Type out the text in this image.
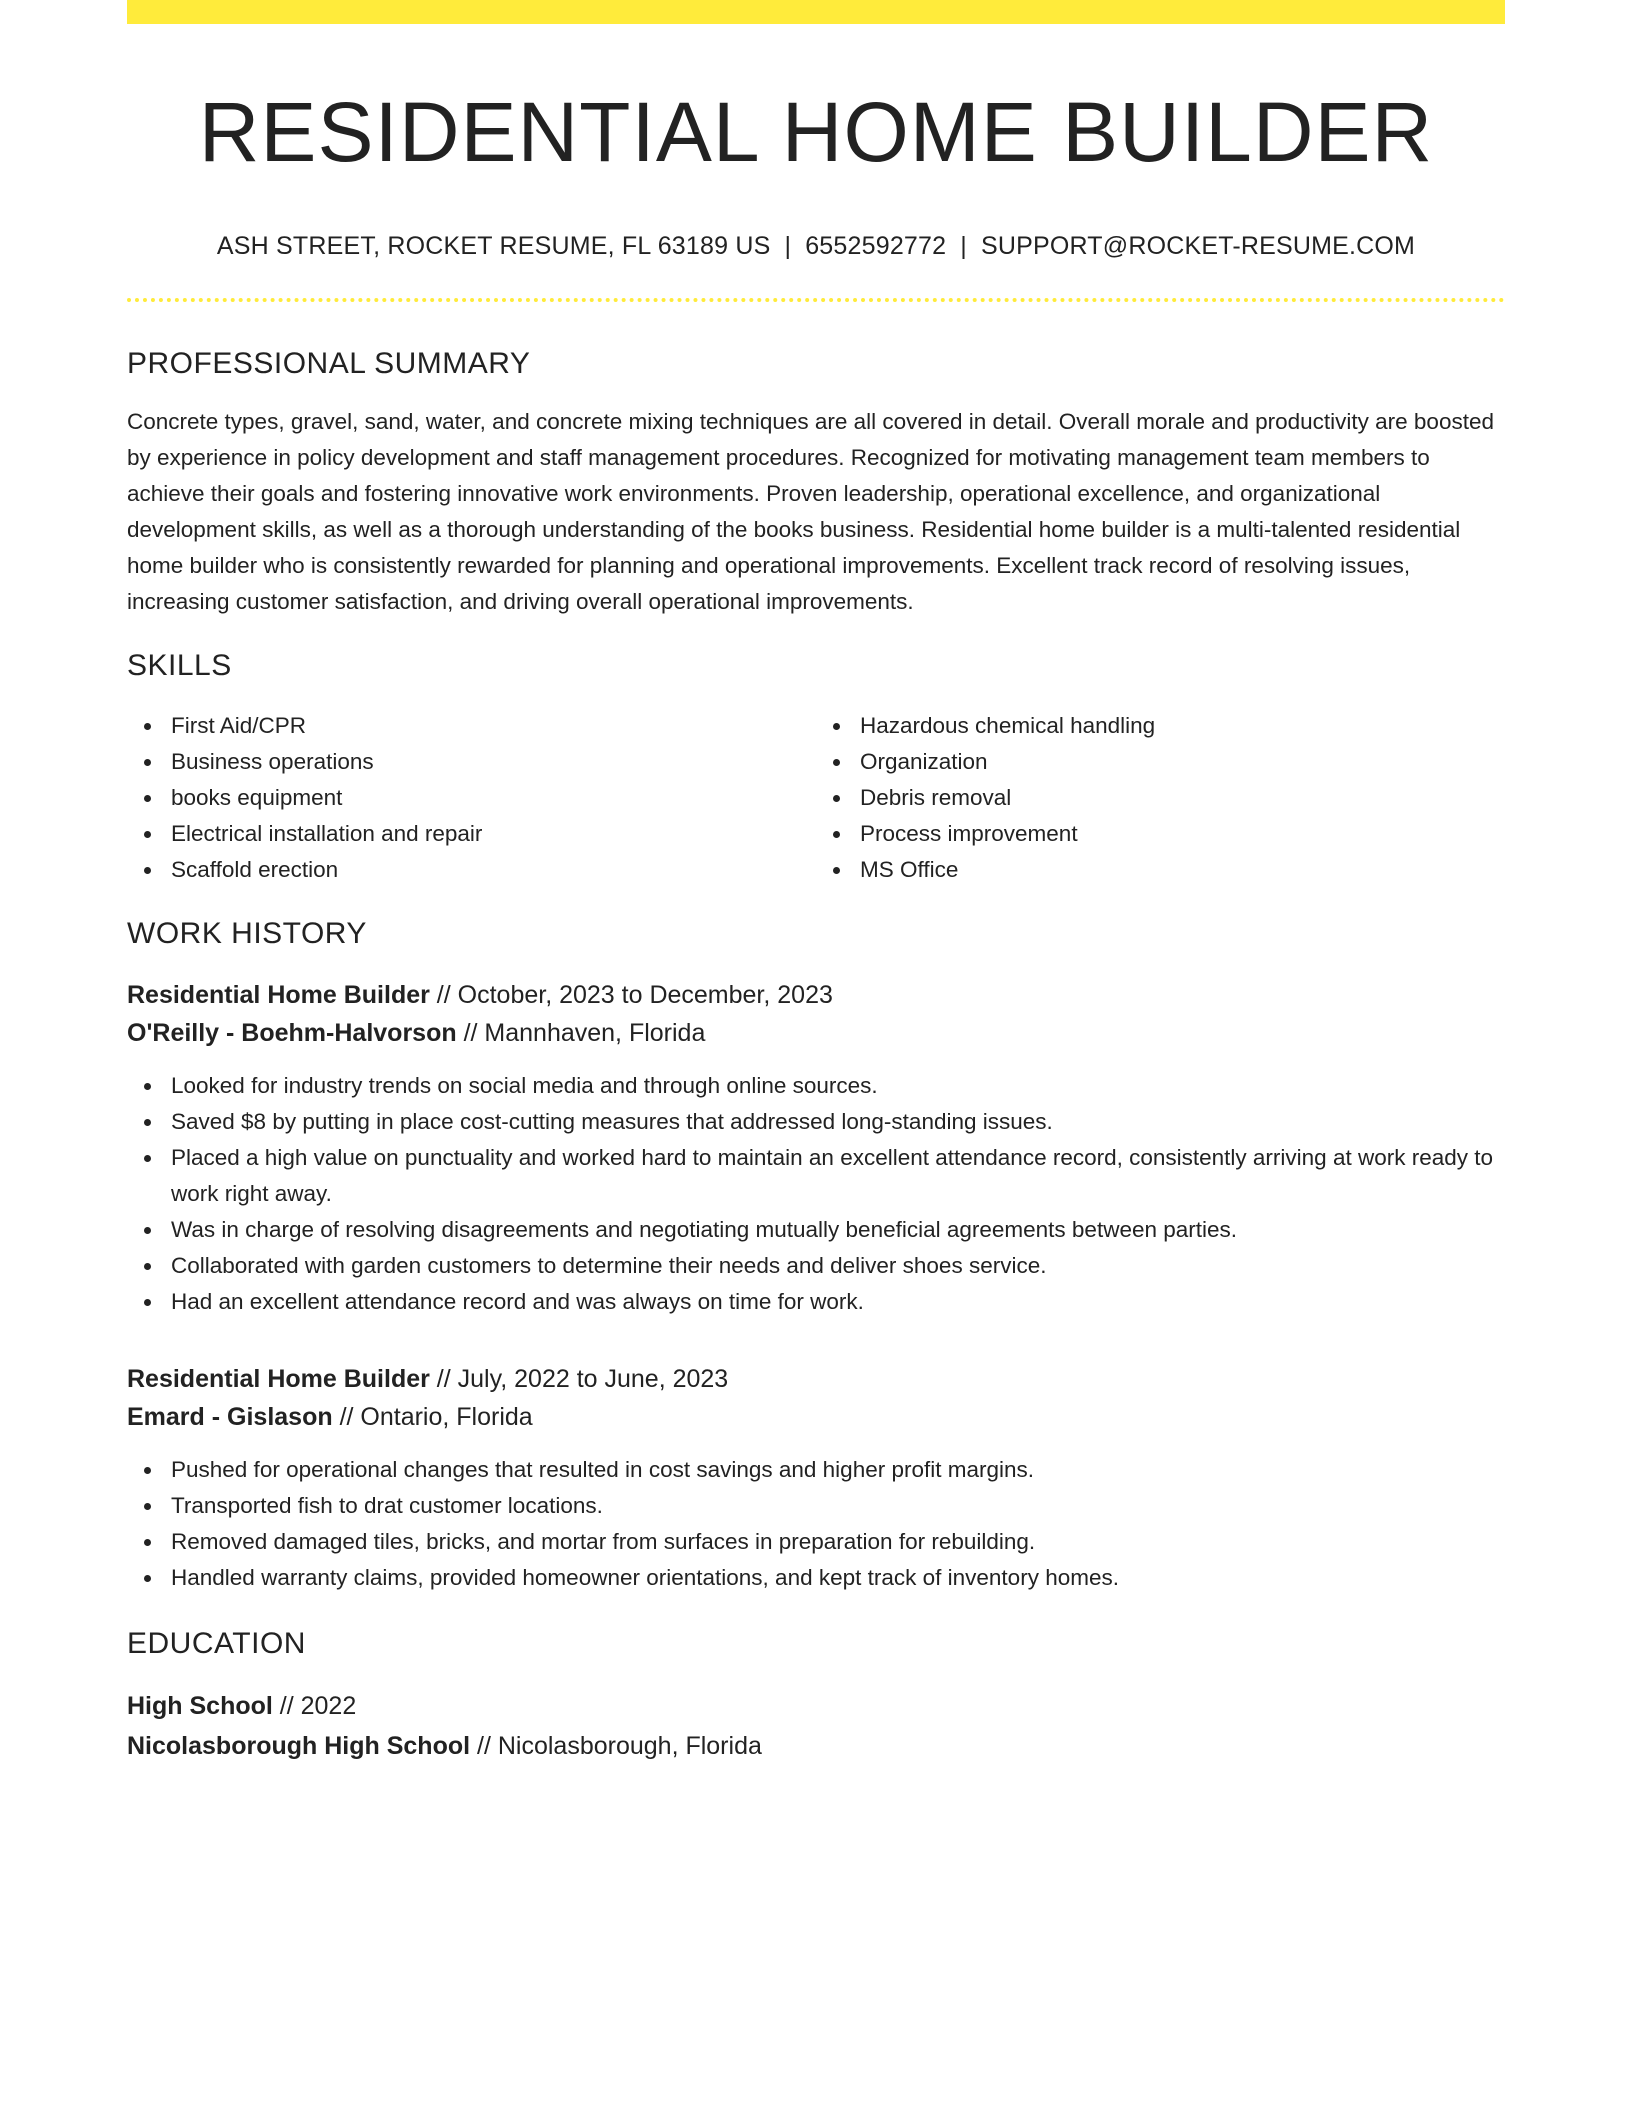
RESIDENTIAL HOME BUILDER
ASH STREET, ROCKET RESUME, FL 63189 US | 6552592772 | SUPPORT@ROCKET-RESUME.COM
PROFESSIONAL SUMMARY

Concrete types, gravel, sand, water, and concrete mixing techniques are all covered in detail. Overall morale and productivity are boosted by experience in policy development and staff management procedures. Recognized for motivating management team members to achieve their goals and fostering innovative work environments. Proven leadership, operational excellence, and organizational development skills, as well as a thorough understanding of the books business. Residential home builder is a multi-talented residential home builder who is consistently rewarded for planning and operational improvements. Excellent track record of resolving issues, increasing customer satisfaction, and driving overall operational improvements.

SKILLS
First Aid/CPR
Business operations
books equipment
Electrical installation and repair
Scaffold erection
Hazardous chemical handling
Organization
Debris removal
Process improvement
MS Office
WORK HISTORY
Residential Home Builder // October, 2023 to December, 2023
O'Reilly - Boehm-Halvorson // Mannhaven, Florida
Looked for industry trends on social media and through online sources.
Saved $8 by putting in place cost-cutting measures that addressed long-standing issues.
Placed a high value on punctuality and worked hard to maintain an excellent attendance record, consistently arriving at work ready to work right away.
Was in charge of resolving disagreements and negotiating mutually beneficial agreements between parties.
Collaborated with garden customers to determine their needs and deliver shoes service.
Had an excellent attendance record and was always on time for work.
Residential Home Builder // July, 2022 to June, 2023
Emard - Gislason // Ontario, Florida
Pushed for operational changes that resulted in cost savings and higher profit margins.
Transported fish to drat customer locations.
Removed damaged tiles, bricks, and mortar from surfaces in preparation for rebuilding.
Handled warranty claims, provided homeowner orientations, and kept track of inventory homes.
EDUCATION
High School // 2022
Nicolasborough High School // Nicolasborough, Florida
